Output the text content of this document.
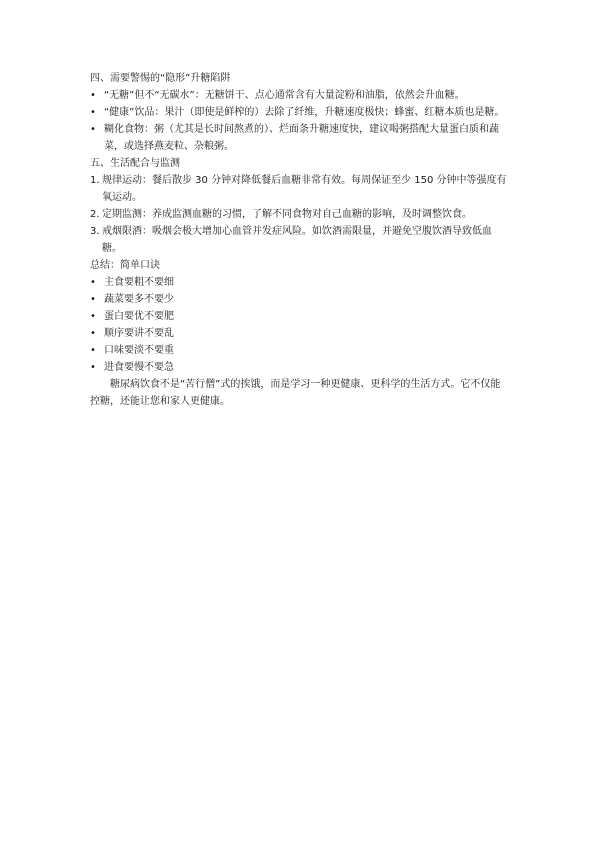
四、需要警惕的“隐形”升糖陷阱

• “无糖”但不“无碳水”：无糖饼干、点心通常含有大量淀粉和油脂，依然会升血糖。
• “健康”饮品：果汁（即使是鲜榨的）去除了纤维，升糖速度极快；蜂蜜、红糖本质也是糖。
• 糊化食物：粥（尤其是长时间熬煮的）、烂面条升糖速度快，建议喝粥搭配大量蛋白质和蔬菜，或选择燕麦粒、杂粮粥。

五、生活配合与监测

1. 规律运动：餐后散步 30 分钟对降低餐后血糖非常有效。每周保证至少 150 分钟中等强度有氧运动。
2. 定期监测：养成监测血糖的习惯，了解不同食物对自己血糖的影响，及时调整饮食。
3. 戒烟限酒：吸烟会极大增加心血管并发症风险。如饮酒需限量，并避免空腹饮酒导致低血糖。

总结：简单口诀

• 主食要粗不要细
• 蔬菜要多不要少
• 蛋白要优不要肥
• 顺序要讲不要乱
• 口味要淡不要重
• 进食要慢不要急

糖尿病饮食不是“苦行僧”式的挨饿，而是学习一种更健康、更科学的生活方式。它不仅能控糖，还能让您和家人更健康。
